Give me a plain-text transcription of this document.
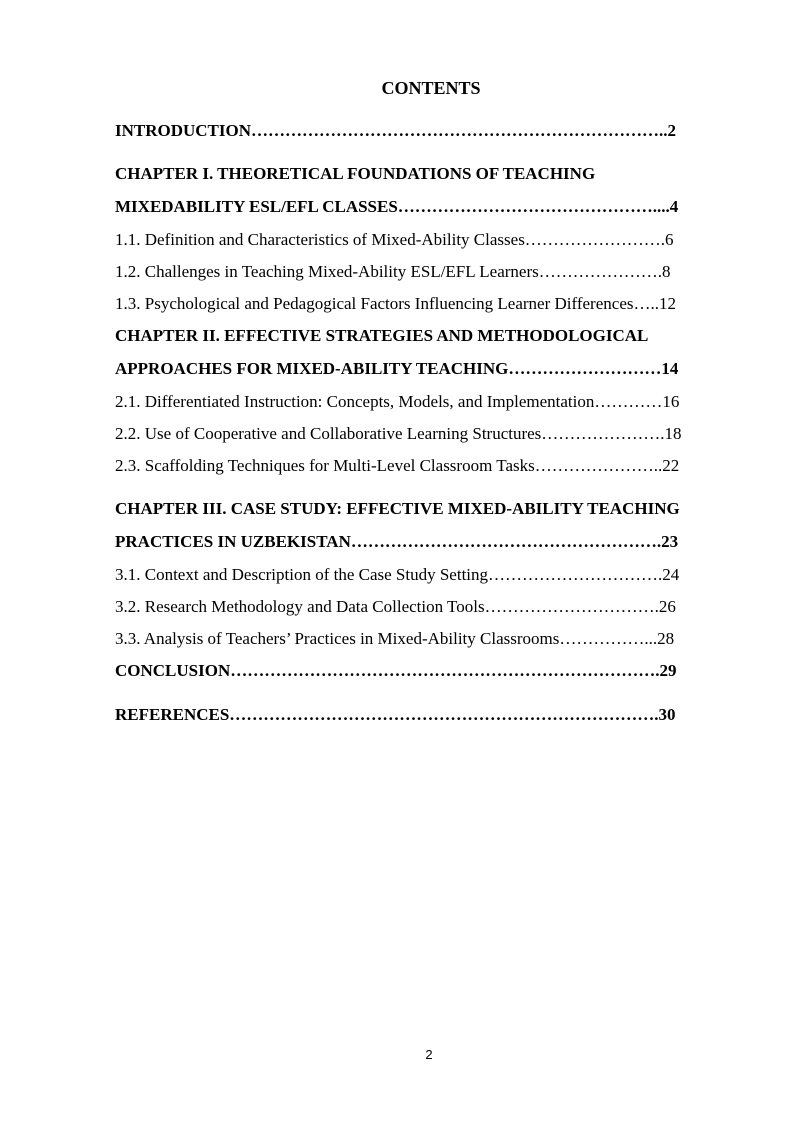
CONTENTS
INTRODUCTION………………………………………………………………..2
CHAPTER I. THEORETICAL FOUNDATIONS OF TEACHING
MIXEDABILITY ESL/EFL CLASSES………………………………………....4
1.1. Definition and Characteristics of Mixed-Ability Classes…………………….6
1.2. Challenges in Teaching Mixed-Ability ESL/EFL Learners………………….8
1.3. Psychological and Pedagogical Factors Influencing Learner Differences…..12
CHAPTER II. EFFECTIVE STRATEGIES AND METHODOLOGICAL
APPROACHES FOR MIXED-ABILITY TEACHING………………………14
2.1. Differentiated Instruction: Concepts, Models, and Implementation…………16
2.2. Use of Cooperative and Collaborative Learning Structures………………….18
2.3. Scaffolding Techniques for Multi-Level Classroom Tasks…………………..22
CHAPTER III. CASE STUDY: EFFECTIVE MIXED-ABILITY TEACHING
PRACTICES IN UZBEKISTAN……………………………………………….23
3.1. Context and Description of the Case Study Setting………………………….24
3.2. Research Methodology and Data Collection Tools………………………….26
3.3. Analysis of Teachers’ Practices in Mixed-Ability Classrooms……………...28
CONCLUSION………………………………………………………………….29
REFERENCES………………………………………………………………….30
2
